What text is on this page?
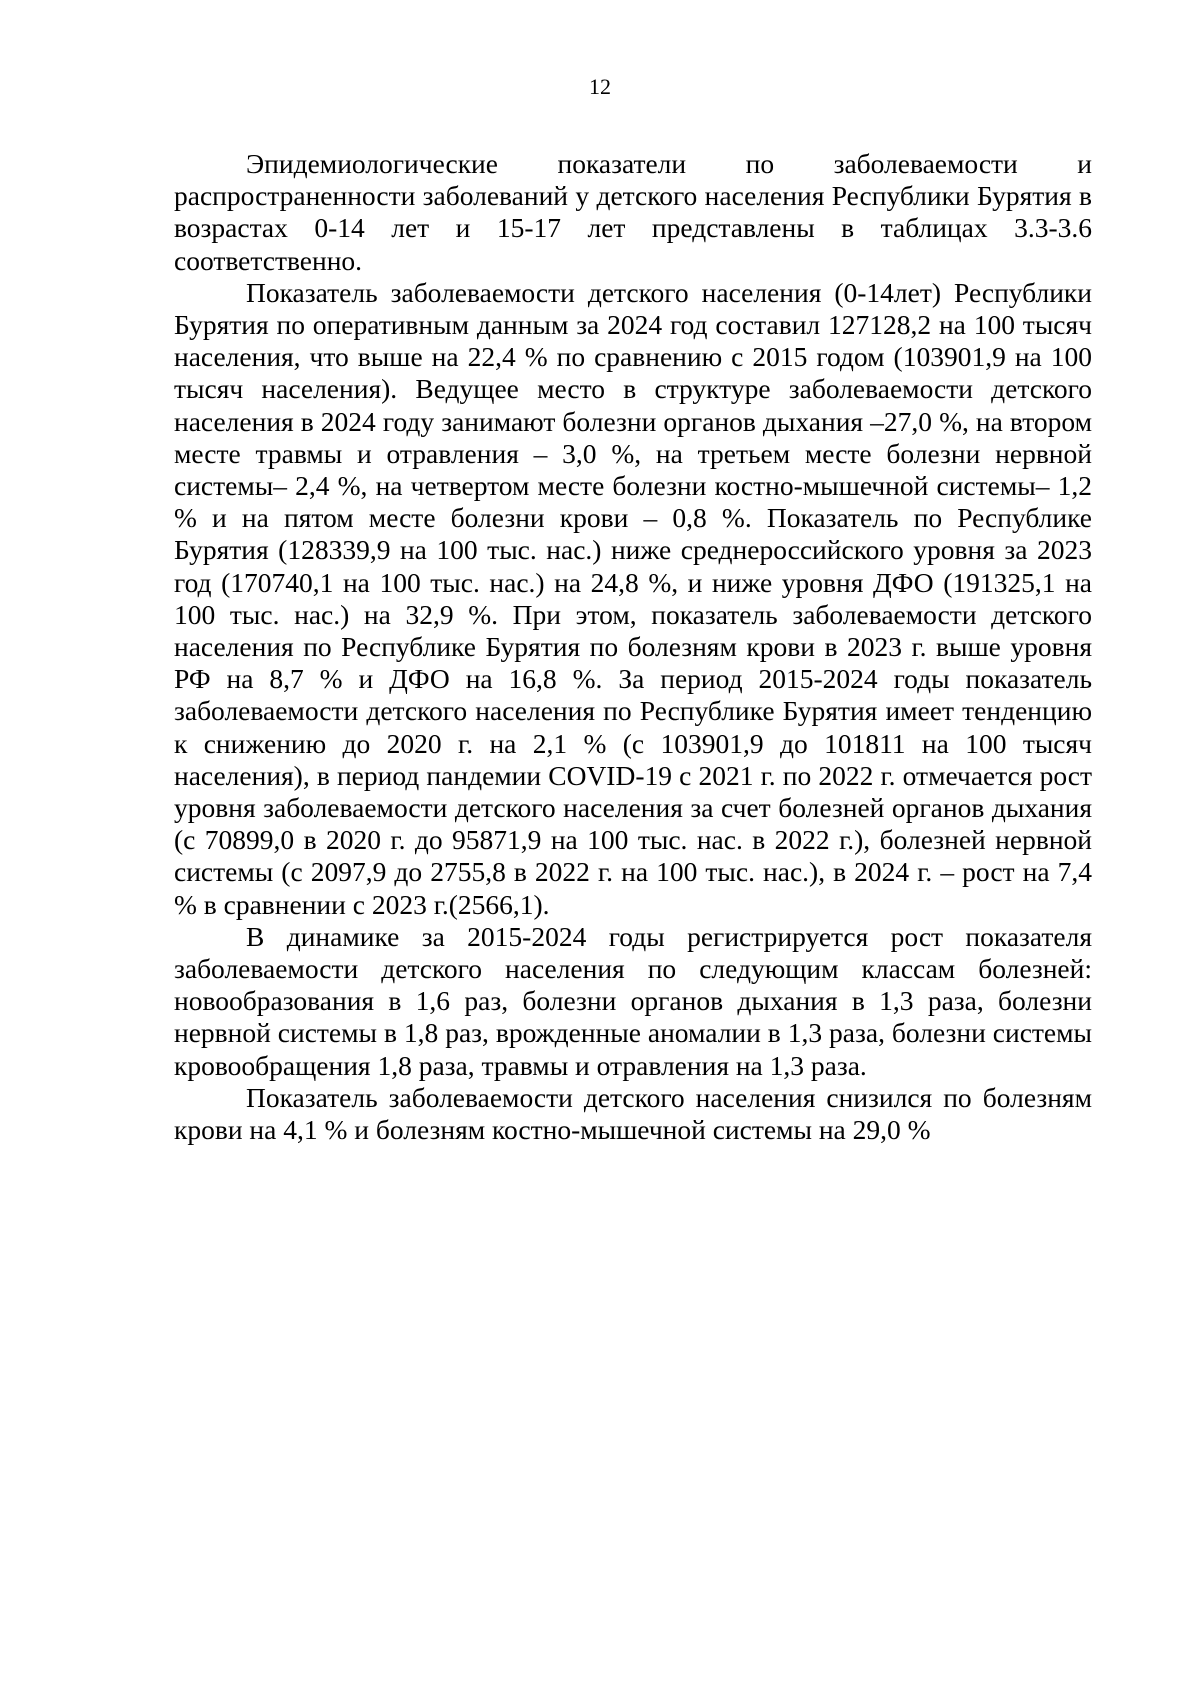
12

Эпидемиологические показатели по заболеваемости и распространенности заболеваний у детского населения Республики Бурятия в возрастах 0-14 лет и 15-17 лет представлены в таблицах 3.3-3.6 соответственно.

Показатель заболеваемости детского населения (0-14лет) Республики Бурятия по оперативным данным за 2024 год составил 127128,2 на 100 тысяч населения, что выше на 22,4 % по сравнению с 2015 годом (103901,9 на 100 тысяч населения). Ведущее место в структуре заболеваемости детского населения в 2024 году занимают болезни органов дыхания –27,0 %, на втором месте травмы и отравления – 3,0 %, на третьем месте болезни нервной системы– 2,4 %, на четвертом месте болезни костно-мышечной системы– 1,2 % и на пятом месте болезни крови – 0,8 %. Показатель по Республике Бурятия (128339,9 на 100 тыс. нас.) ниже среднероссийского уровня за 2023 год (170740,1 на 100 тыс. нас.) на 24,8 %, и ниже уровня ДФО (191325,1 на 100 тыс. нас.) на 32,9 %. При этом, показатель заболеваемости детского населения по Республике Бурятия по болезням крови в 2023 г. выше уровня РФ на 8,7 % и ДФО на 16,8 %. За период 2015-2024 годы показатель заболеваемости детского населения по Республике Бурятия имеет тенденцию к снижению до 2020 г. на 2,1 % (с 103901,9 до 101811 на 100 тысяч населения), в период пандемии COVID-19 с 2021 г. по 2022 г. отмечается рост уровня заболеваемости детского населения за счет болезней органов дыхания (с 70899,0 в 2020 г. до 95871,9 на 100 тыс. нас. в 2022 г.), болезней нервной системы (с 2097,9 до 2755,8 в 2022 г. на 100 тыс. нас.), в 2024 г. – рост на 7,4 % в сравнении с 2023 г.(2566,1).

В динамике за 2015-2024 годы регистрируется рост показателя заболеваемости детского населения по следующим классам болезней: новообразования в 1,6 раз, болезни органов дыхания в 1,3 раза, болезни нервной системы в 1,8 раз, врожденные аномалии в 1,3 раза, болезни системы кровообращения 1,8 раза, травмы и отравления на 1,3 раза.

Показатель заболеваемости детского населения снизился по болезням крови на 4,1 % и болезням костно-мышечной системы на 29,0 %
